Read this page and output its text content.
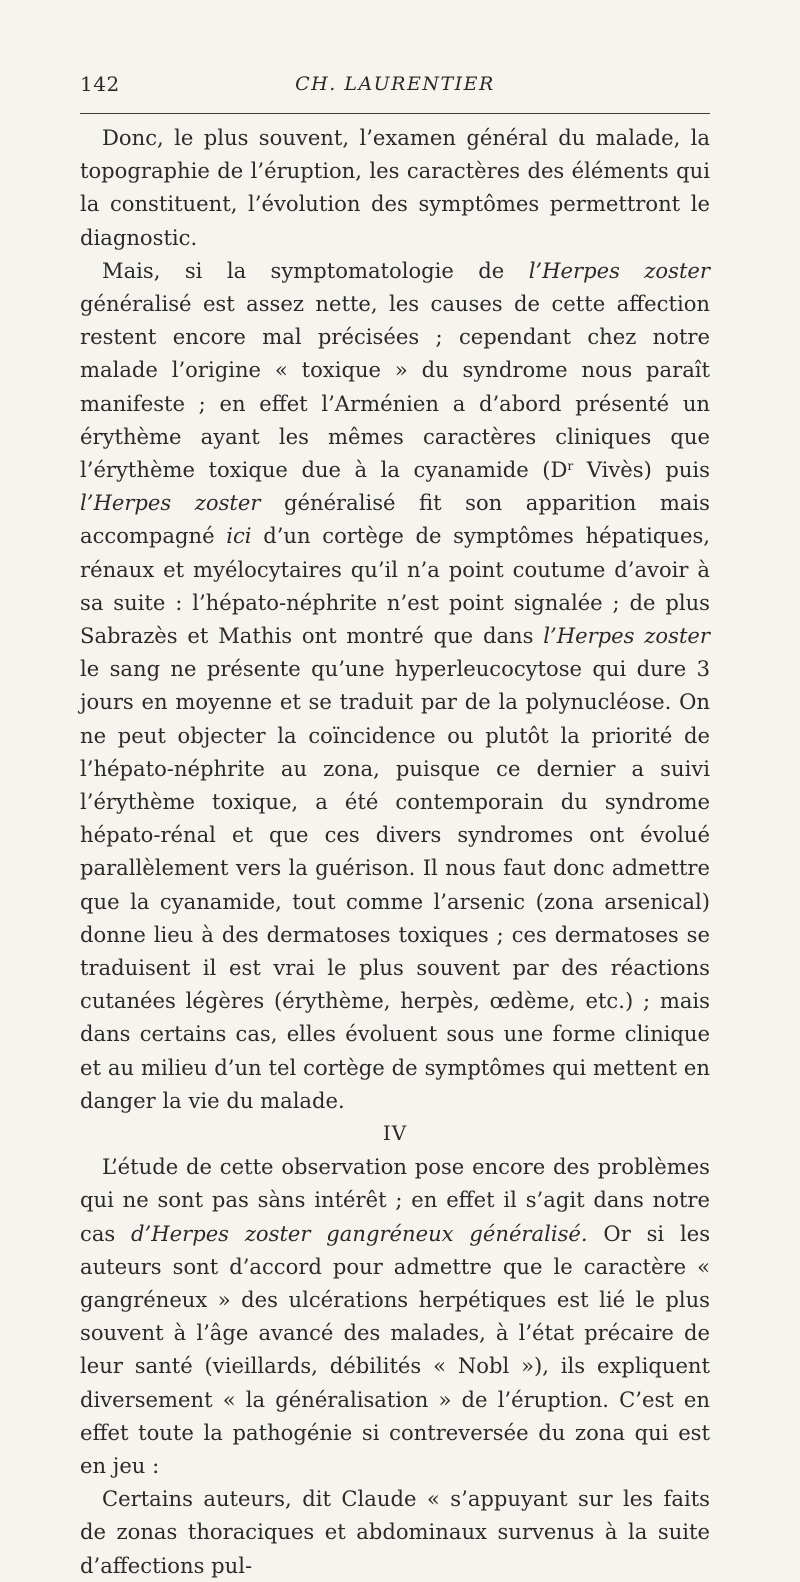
142	CH. LAURENTIER

Donc, le plus souvent, l’examen général du malade, la topographie de l’éruption, les caractères des éléments qui la constituent, l’évolution des symptômes permettront le diagnostic.

Mais, si la symptomatologie de l’Herpes zoster généralisé est assez nette, les causes de cette affection restent encore mal précisées ; cependant chez notre malade l’origine « toxique » du syndrome nous paraît manifeste ; en effet l’Arménien a d’abord présenté un érythème ayant les mêmes caractères cliniques que l’érythème toxique due à la cyanamide ($D^r$ Vivès) puis l’Herpes zoster généralisé fit son apparition mais accompagné ici d’un cortège de symptômes hépatiques, rénaux et myélocytaires qu’il n’a point coutume d’avoir à sa suite : l’hépato-néphrite n’est point signalée ; de plus Sabrazès et Mathis ont montré que dans l’Herpes zoster le sang ne présente qu’une hyperleucocytose qui dure 3 jours en moyenne et se traduit par de la polynucléose. On ne peut objecter la coïncidence ou plutôt la priorité de l’hépato-néphrite au zona, puisque ce dernier a suivi l’érythème toxique, a été contemporain du syndrome hépato-rénal et que ces divers syndromes ont évolué parallèlement vers la guérison. Il nous faut donc admettre que la cyanamide, tout comme l’arsenic (zona arsenical) donne lieu à des dermatoses toxiques ; ces dermatoses se traduisent il est vrai le plus souvent par des réactions cutanées légères (érythème, herpès, œdème, etc.) ; mais dans certains cas, elles évoluent sous une forme clinique et au milieu d’un tel cortège de symptômes qui mettent en danger la vie du malade.

IV

L’étude de cette observation pose encore des problèmes qui ne sont pas sàns intérêt ; en effet il s’agit dans notre cas d’Herpes zoster gangréneux généralisé. Or si les auteurs sont d’accord pour admettre que le caractère « gangréneux » des ulcérations herpétiques est lié le plus souvent à l’âge avancé des malades, à l’état précaire de leur santé (vieillards, débilités « Nobl »), ils expliquent diversement « la généralisation » de l’éruption. C’est en effet toute la pathogénie si contreversée du zona qui est en jeu :

Certains auteurs, dit Claude « s’appuyant sur les faits de zonas thoraciques et abdominaux survenus à la suite d’affections pul-
